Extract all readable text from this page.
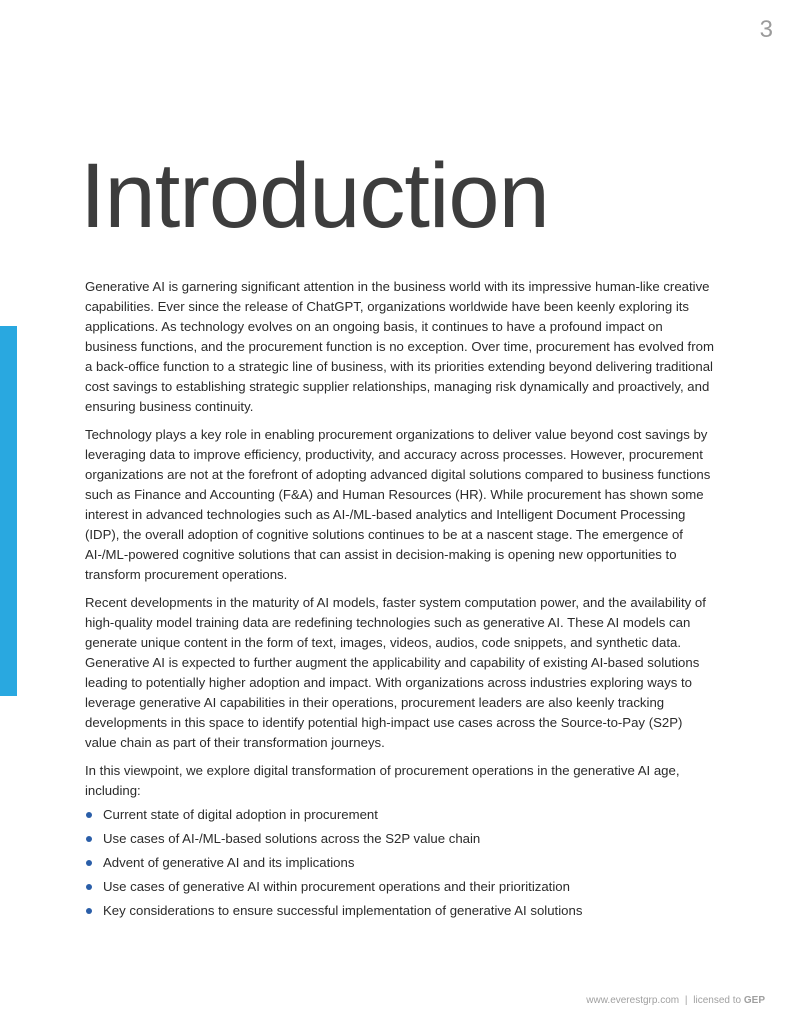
3
Introduction

Generative AI is garnering significant attention in the business world with its impressive human-like creative capabilities. Ever since the release of ChatGPT, organizations worldwide have been keenly exploring its applications. As technology evolves on an ongoing basis, it continues to have a profound impact on business functions, and the procurement function is no exception. Over time, procurement has evolved from a back-office function to a strategic line of business, with its priorities extending beyond delivering traditional cost savings to establishing strategic supplier relationships, managing risk dynamically and proactively, and ensuring business continuity.

Technology plays a key role in enabling procurement organizations to deliver value beyond cost savings by leveraging data to improve efficiency, productivity, and accuracy across processes. However, procurement organizations are not at the forefront of adopting advanced digital solutions compared to business functions such as Finance and Accounting (F&A) and Human Resources (HR). While procurement has shown some interest in advanced technologies such as AI-/ML-based analytics and Intelligent Document Processing (IDP), the overall adoption of cognitive solutions continues to be at a nascent stage. The emergence of AI-/ML-powered cognitive solutions that can assist in decision-making is opening new opportunities to transform procurement operations.

Recent developments in the maturity of AI models, faster system computation power, and the availability of high-quality model training data are redefining technologies such as generative AI. These AI models can generate unique content in the form of text, images, videos, audios, code snippets, and synthetic data. Generative AI is expected to further augment the applicability and capability of existing AI-based solutions leading to potentially higher adoption and impact. With organizations across industries exploring ways to leverage generative AI capabilities in their operations, procurement leaders are also keenly tracking developments in this space to identify potential high-impact use cases across the Source-to-Pay (S2P) value chain as part of their transformation journeys.

In this viewpoint, we explore digital transformation of procurement operations in the generative AI age, including:

Current state of digital adoption in procurement
Use cases of AI-/ML-based solutions across the S2P value chain
Advent of generative AI and its implications
Use cases of generative AI within procurement operations and their prioritization
Key considerations to ensure successful implementation of generative AI solutions
www.everestgrp.com | licensed to GEP
